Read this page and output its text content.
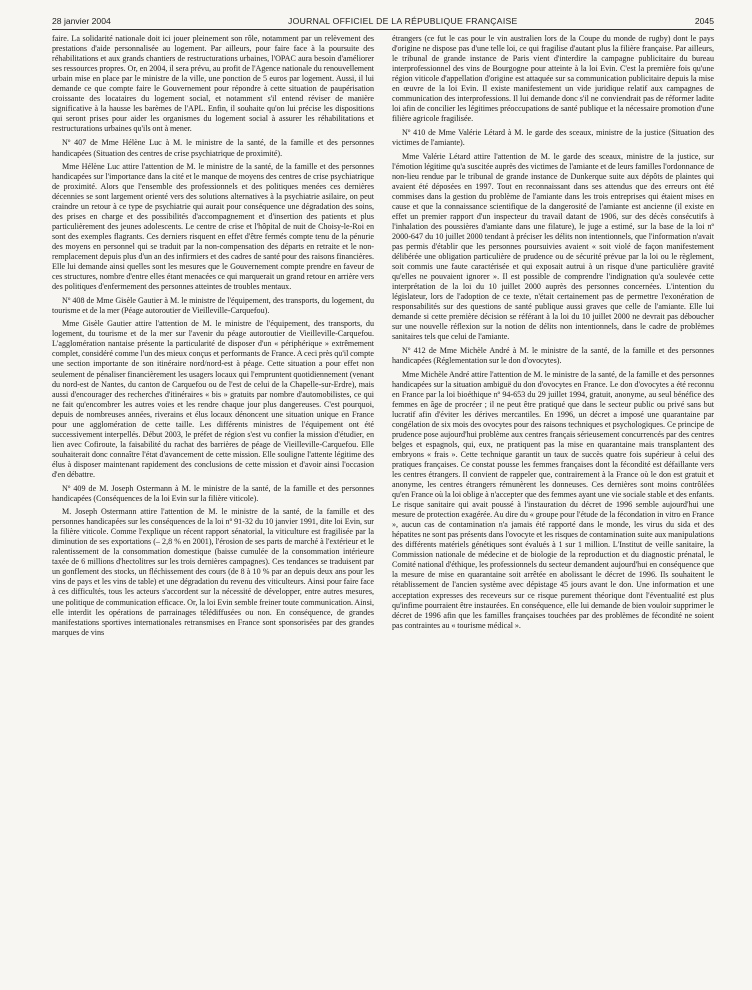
28 janvier 2004	JOURNAL OFFICIEL DE LA RÉPUBLIQUE FRANÇAISE	2045

faire. La solidarité nationale doit ici jouer pleinement son rôle, notamment par un relèvement des prestations d'aide personnalisée au logement. Par ailleurs, pour faire face à la poursuite des réhabilitations et aux grands chantiers de restructurations urbaines, l'OPAC aura besoin d'améliorer ses ressources propres. Or, en 2004, il sera prévu, au profit de l'Agence nationale du renouvellement urbain mise en place par le ministre de la ville, une ponction de 5 euros par logement. Aussi, il lui demande ce que compte faire le Gouvernement pour répondre à cette situation de paupérisation croissante des locataires du logement social, et notamment s'il entend réviser de manière significative à la hausse les barèmes de l'APL. Enfin, il souhaite qu'on lui précise les dispositions qui seront prises pour aider les organismes du logement social à assurer les réhabilitations et restructurations urbaines qu'ils ont à mener.

Nº 407 de Mme Hélène Luc à M. le ministre de la santé, de la famille et des personnes handicapées (Situation des centres de crise psychiatrique de proximité).

Mme Hélène Luc attire l'attention de M. le ministre de la santé, de la famille et des personnes handicapées sur l'importance dans la cité et le manque de moyens des centres de crise psychiatrique de proximité. Alors que l'ensemble des professionnels et des politiques menées ces dernières décennies se sont largement orienté vers des solutions alternatives à la psychiatrie asilaire, on peut craindre un retour à ce type de psychiatrie qui aurait pour conséquence une dégradation des soins, des prises en charge et des possibilités d'accompagnement et d'insertion des patients et plus particulièrement des jeunes adolescents. Le centre de crise et l'hôpital de nuit de Choisy-le-Roi en sont des exemples flagrants. Ces derniers risquent en effet d'être fermés compte tenu de la pénurie des moyens en personnel qui se traduit par la non-compensation des départs en retraite et le non-remplacement depuis plus d'un an des infirmiers et des cadres de santé pour des raisons financières. Elle lui demande ainsi quelles sont les mesures que le Gouvernement compte prendre en faveur de ces structures, nombre d'entre elles étant menacées ce qui marquerait un grand retour en arrière vers des politiques d'enfermement des personnes atteintes de troubles mentaux.

Nº 408 de Mme Gisèle Gautier à M. le ministre de l'équipement, des transports, du logement, du tourisme et de la mer (Péage autoroutier de Vieilleville-Carquefou).

Mme Gisèle Gautier attire l'attention de M. le ministre de l'équipement, des transports, du logement, du tourisme et de la mer sur l'avenir du péage autoroutier de Vieilleville-Carquefou. L'agglomération nantaise présente la particularité de disposer d'un « périphérique » extrêmement complet, considéré comme l'un des mieux conçus et performants de France. A ceci près qu'il compte une section importante de son itinéraire nord/nord-est à péage. Cette situation a pour effet non seulement de pénaliser financièrement les usagers locaux qui l'empruntent quotidiennement (venant du nord-est de Nantes, du canton de Carquefou ou de l'est de celui de la Chapelle-sur-Erdre), mais aussi d'encourager des recherches d'itinéraires « bis » gratuits par nombre d'automobilistes, ce qui ne fait qu'encombrer les autres voies et les rendre chaque jour plus dangereuses. C'est pourquoi, depuis de nombreuses années, riverains et élus locaux dénoncent une situation unique en France pour une agglomération de cette taille. Les différents ministres de l'équipement ont été successivement interpellés. Début 2003, le préfet de région s'est vu confier la mission d'étudier, en lien avec Cofiroute, la faisabilité du rachat des barrières de péage de Vieilleville-Carquefou. Elle souhaiterait donc connaître l'état d'avancement de cette mission. Elle souligne l'attente légitime des élus à disposer maintenant rapidement des conclusions de cette mission et d'avoir ainsi l'occasion d'en débattre.

Nº 409 de M. Joseph Ostermann à M. le ministre de la santé, de la famille et des personnes handicapées (Conséquences de la loi Evin sur la filière viticole).

M. Joseph Ostermann attire l'attention de M. le ministre de la santé, de la famille et des personnes handicapées sur les conséquences de la loi nº 91-32 du 10 janvier 1991, dite loi Evin, sur la filière viticole. Comme l'explique un récent rapport sénatorial, la viticulture est fragilisée par la diminution de ses exportations (– 2,8 % en 2001), l'érosion de ses parts de marché à l'extérieur et le ralentissement de la consommation domestique (baisse cumulée de la consommation intérieure taxée de 6 millions d'hectolitres sur les trois dernières campagnes). Ces tendances se traduisent par un gonflement des stocks, un fléchissement des cours (de 8 à 10 % par an depuis deux ans pour les vins de pays et les vins de table) et une dégradation du revenu des viticulteurs. Ainsi pour faire face à ces difficultés, tous les acteurs s'accordent sur la nécessité de développer, entre autres mesures, une politique de communication efficace. Or, la loi Evin semble freiner toute communication. Ainsi, elle interdit les opérations de parrainages télédiffusées ou non. En conséquence, de grandes manifestations sportives internationales retransmises en France sont sponsorisées par des grandes marques de vins

étrangers (ce fut le cas pour le vin australien lors de la Coupe du monde de rugby) dont le pays d'origine ne dispose pas d'une telle loi, ce qui fragilise d'autant plus la filière française. Par ailleurs, le tribunal de grande instance de Paris vient d'interdire la campagne publicitaire du bureau interprofessionnel des vins de Bourgogne pour atteinte à la loi Evin. C'est la première fois qu'une région viticole d'appellation d'origine est attaquée sur sa communication publicitaire depuis la mise en œuvre de la loi Evin. Il existe manifestement un vide juridique relatif aux campagnes de communication des interprofessions. Il lui demande donc s'il ne conviendrait pas de réformer ladite loi afin de concilier les légitimes préoccupations de santé publique et la nécessaire promotion d'une filière agricole fragilisée.

Nº 410 de Mme Valérie Létard à M. le garde des sceaux, ministre de la justice (Situation des victimes de l'amiante).

Mme Valérie Létard attire l'attention de M. le garde des sceaux, ministre de la justice, sur l'émotion légitime qu'a suscitée auprès des victimes de l'amiante et de leurs familles l'ordonnance de non-lieu rendue par le tribunal de grande instance de Dunkerque suite aux dépôts de plaintes qui avaient été déposées en 1997. Tout en reconnaissant dans ses attendus que des erreurs ont été commises dans la gestion du problème de l'amiante dans les trois entreprises qui étaient mises en cause et que la connaissance scientifique de la dangerosité de l'amiante est ancienne (il existe en effet un premier rapport d'un inspecteur du travail datant de 1906, sur des décès consécutifs à l'inhalation des poussières d'amiante dans une filature), le juge a estimé, sur la base de la loi nº 2000-647 du 10 juillet 2000 tendant à préciser les délits non intentionnels, que l'information n'avait pas permis d'établir que les personnes poursuivies avaient « soit violé de façon manifestement délibérée une obligation particulière de prudence ou de sécurité prévue par la loi ou le règlement, soit commis une faute caractérisée et qui exposait autrui à un risque d'une particulière gravité qu'elles ne pouvaient ignorer ». Il est possible de comprendre l'indignation qu'a soulevée cette interprétation de la loi du 10 juillet 2000 auprès des personnes concernées. L'intention du législateur, lors de l'adoption de ce texte, n'était certainement pas de permettre l'exonération de responsabilités sur des questions de santé publique aussi graves que celle de l'amiante. Elle lui demande si cette première décision se référant à la loi du 10 juillet 2000 ne devrait pas déboucher sur une nouvelle réflexion sur la notion de délits non intentionnels, dans le cadre de problèmes sanitaires tels que celui de l'amiante.

Nº 412 de Mme Michèle André à M. le ministre de la santé, de la famille et des personnes handicapées (Réglementation sur le don d'ovocytes).

Mme Michèle André attire l'attention de M. le ministre de la santé, de la famille et des personnes handicapées sur la situation ambiguë du don d'ovocytes en France. Le don d'ovocytes a été reconnu en France par la loi bioéthique nº 94-653 du 29 juillet 1994, gratuit, anonyme, au seul bénéfice des femmes en âge de procréer ; il ne peut être pratiqué que dans le secteur public ou privé sans but lucratif afin d'éviter les dérives mercantiles. En 1996, un décret a imposé une quarantaine par congélation de six mois des ovocytes pour des raisons techniques et psychologiques. Ce principe de prudence pose aujourd'hui problème aux centres français sérieusement concurrencés par des centres belges et espagnols, qui, eux, ne pratiquent pas la mise en quarantaine mais transplantent des embryons « frais ». Cette technique garantit un taux de succès quatre fois supérieur à celui des pratiques françaises. Ce constat pousse les femmes françaises dont la fécondité est défaillante vers les centres étrangers. Il convient de rappeler que, contrairement à la France où le don est gratuit et anonyme, les centres étrangers rémunèrent les donneuses. Ces dernières sont moins contrôlées qu'en France où la loi oblige à n'accepter que des femmes ayant une vie sociale stable et des enfants. Le risque sanitaire qui avait poussé à l'instauration du décret de 1996 semble aujourd'hui une mesure de protection exagérée. Au dire du « groupe pour l'étude de la fécondation in vitro en France », aucun cas de contamination n'a jamais été rapporté dans le monde, les virus du sida et des hépatites ne sont pas présents dans l'ovocyte et les risques de contamination suite aux manipulations des différents matériels génétiques sont évalués à 1 sur 1 million. L'Institut de veille sanitaire, la Commission nationale de médecine et de biologie de la reproduction et du diagnostic prénatal, le Comité national d'éthique, les professionnels du secteur demandent aujourd'hui en conséquence que la mesure de mise en quarantaine soit arrêtée en abolissant le décret de 1996. Ils souhaitent le rétablissement de l'ancien système avec dépistage 45 jours avant le don. Une information et une acceptation expresses des receveurs sur ce risque purement théorique dont l'éventualité est plus qu'infime pourraient être instaurées. En conséquence, elle lui demande de bien vouloir supprimer le décret de 1996 afin que les familles françaises touchées par des problèmes de fécondité ne soient pas contraintes au « tourisme médical ».
